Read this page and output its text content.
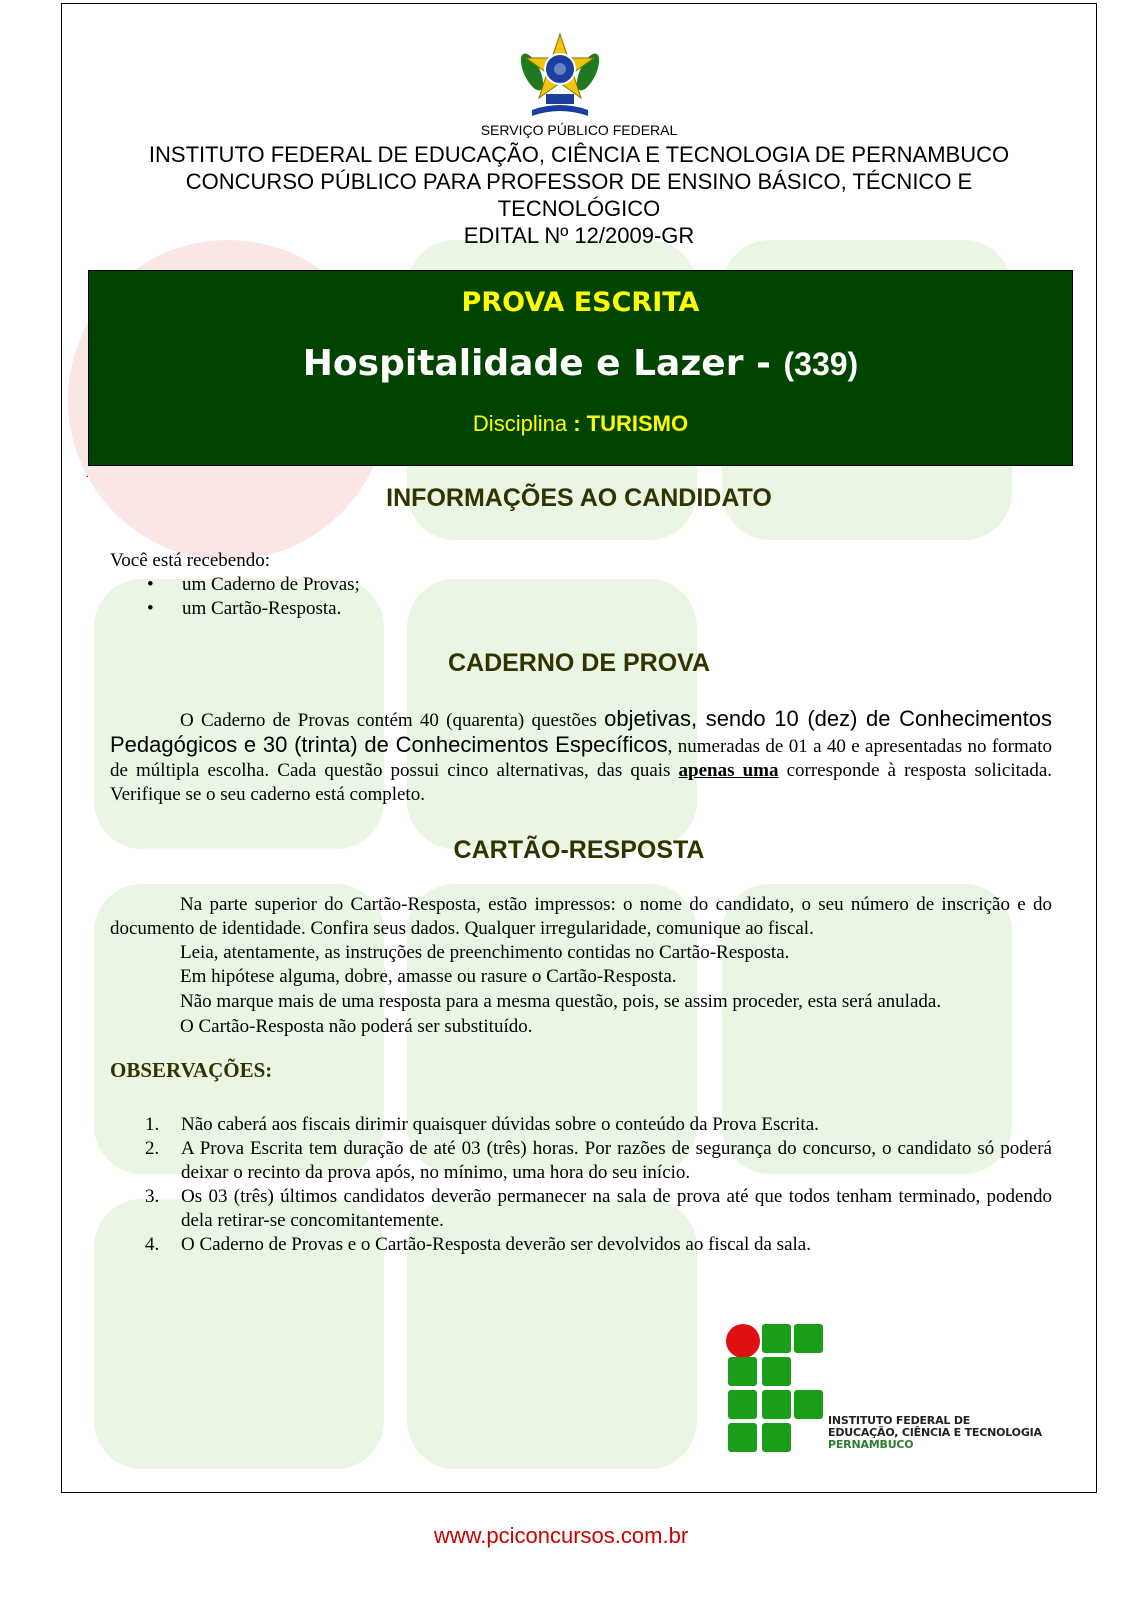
SERVIÇO PÚBLICO FEDERAL
INSTITUTO FEDERAL DE EDUCAÇÃO, CIÊNCIA E TECNOLOGIA DE PERNAMBUCO
CONCURSO PÚBLICO PARA PROFESSOR DE ENSINO BÁSICO, TÉCNICO E
TECNOLÓGICO
EDITAL Nº 12/2009-GR
PROVA ESCRITA
Hospitalidade e Lazer - (339)
Disciplina : TURISMO
.
INFORMAÇÕES AO CANDIDATO
Você está recebendo:
• um Caderno de Provas;
• um Cartão-Resposta.
CADERNO DE PROVA
O Caderno de Provas contém 40 (quarenta) questões objetivas, sendo 10 (dez) de Conhecimentos Pedagógicos e 30 (trinta) de Conhecimentos Específicos, numeradas de 01 a 40 e apresentadas no formato de múltipla escolha. Cada questão possui cinco alternativas, das quais apenas uma corresponde à resposta solicitada. Verifique se o seu caderno está completo.
CARTÃO-RESPOSTA
Na parte superior do Cartão-Resposta, estão impressos: o nome do candidato, o seu número de inscrição e do documento de identidade. Confira seus dados. Qualquer irregularidade, comunique ao fiscal.
Leia, atentamente, as instruções de preenchimento contidas no Cartão-Resposta.
Em hipótese alguma, dobre, amasse ou rasure o Cartão-Resposta.
Não marque mais de uma resposta para a mesma questão, pois, se assim proceder, esta será anulada.
O Cartão-Resposta não poderá ser substituído.
OBSERVAÇÕES:
1. Não caberá aos fiscais dirimir quaisquer dúvidas sobre o conteúdo da Prova Escrita.
2. A Prova Escrita tem duração de até 03 (três) horas. Por razões de segurança do concurso, o candidato só poderá deixar o recinto da prova após, no mínimo, uma hora do seu início.
3. Os 03 (três) últimos candidatos deverão permanecer na sala de prova até que todos tenham terminado, podendo dela retirar-se concomitantemente.
4. O Caderno de Provas e o Cartão-Resposta deverão ser devolvidos ao fiscal da sala.
INSTITUTO FEDERAL DE
EDUCAÇÃO, CIÊNCIA E TECNOLOGIA
PERNAMBUCO
www.pciconcursos.com.br
